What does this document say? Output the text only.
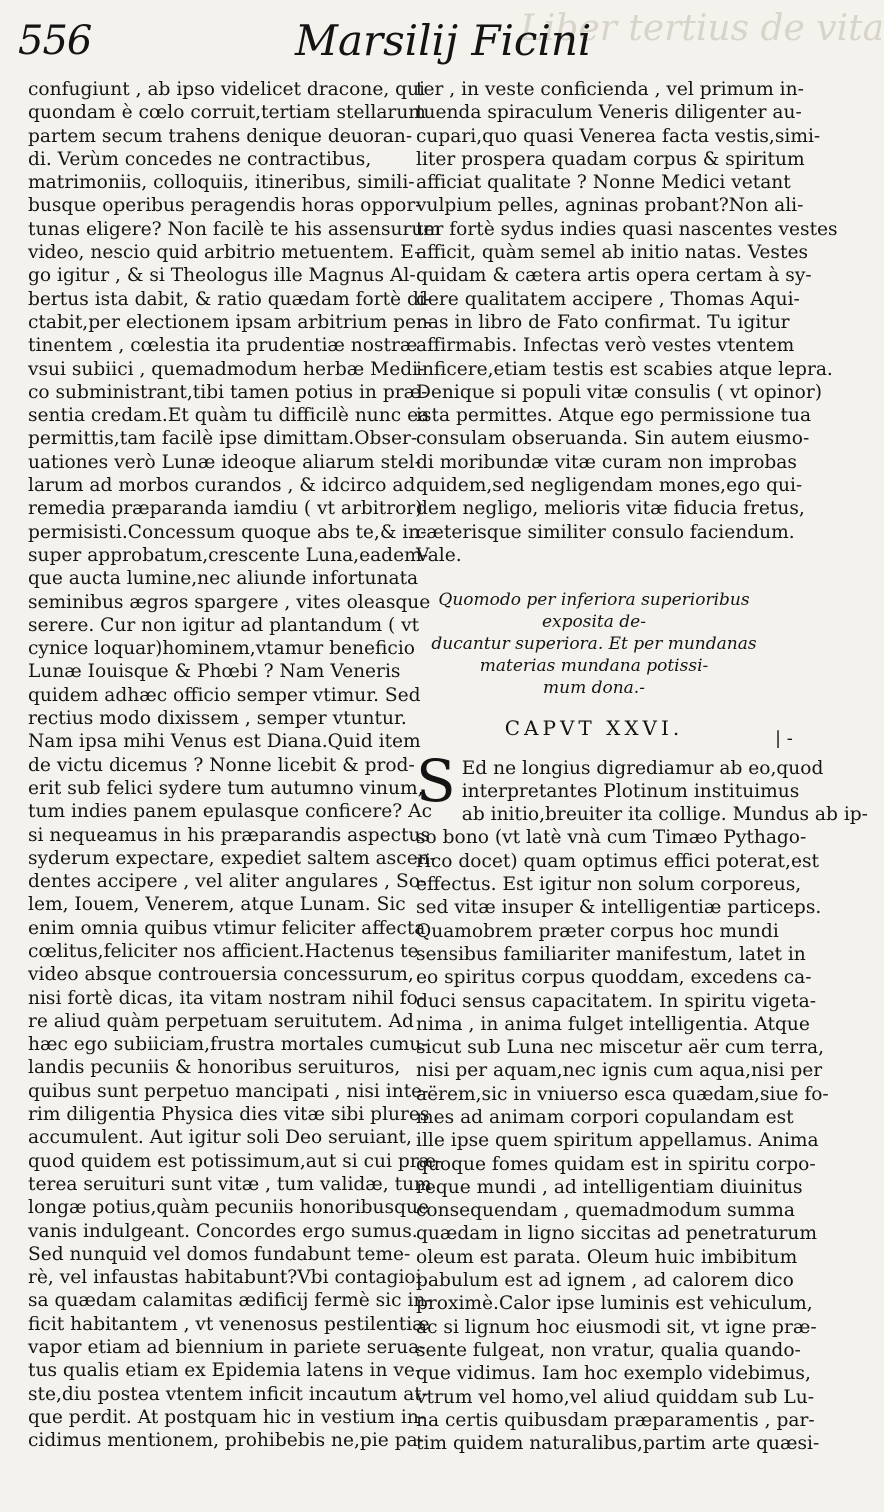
Liber tertius de vita
556	Marsilij Ficini
confugiunt , ab ipso videlicet dracone, qui
quondam è cœlo corruit,tertiam stellarum
partem secum trahens denique deuoran-
di. Verùm concedes ne contractibus,
matrimoniis, colloquiis, itineribus, simili-
busque operibus peragendis horas oppor-
tunas eligere? Non facilè te his assensurum
video, nescio quid arbitrio metuentem. E-
go igitur , & si Theologus ille Magnus Al-
bertus ista dabit, & ratio quædam fortè di-
ctabit,per electionem ipsam arbitrium per-
tinentem , cœlestia ita prudentiæ nostræ
vsui subiici , quemadmodum herbæ Medi-
co subministrant,tibi tamen potius in præ-
sentia credam.Et quàm tu difficilè nunc ea
permittis,tam facilè ipse dimittam.Obser-
uationes verò Lunæ ideoque aliarum stel-
larum ad morbos curandos , & idcirco ad
remedia præparanda iamdiu ( vt arbitror)
permisisti.Concessum quoque abs te,& in-
super approbatum,crescente Luna,eadem-
que aucta lumine,nec aliunde infortunata
seminibus ægros spargere , vites oleasque
serere. Cur non igitur ad plantandum ( vt
cynice loquar)hominem,vtamur beneficio
Lunæ Iouisque & Phœbi ? Nam Veneris
quidem adhæc officio semper vtimur. Sed
rectius modo dixissem , semper vtuntur.
Nam ipsa mihi Venus est Diana.Quid item
de victu dicemus ? Nonne licebit & prod-
erit sub felici sydere tum autumno vinum,
tum indies panem epulasque conficere? Ac
si nequeamus in his præparandis aspectus
syderum expectare, expediet saltem ascen-
dentes accipere , vel aliter angulares , So-
lem, Iouem, Venerem, atque Lunam. Sic
enim omnia quibus vtimur feliciter affecta
cœlitus,feliciter nos afficient.Hactenus te
video absque controuersia concessurum,
nisi fortè dicas, ita vitam nostram nihil fo-
re aliud quàm perpetuam seruitutem. Ad
hæc ego subiiciam,frustra mortales cumu-
landis pecuniis & honoribus seruituros,
quibus sunt perpetuo mancipati , nisi inte-
rim diligentia Physica dies vitæ sibi plures
accumulent. Aut igitur soli Deo seruiant,
quod quidem est potissimum,aut si cui præ-
terea seruituri sunt vitæ , tum validæ, tum
longæ potius,quàm pecuniis honoribusque
vanis indulgeant. Concordes ergo sumus.
Sed nunquid vel domos fundabunt teme-
rè, vel infaustas habitabunt?Vbi contagioi
sa quædam calamitas ædificij fermè sic in-
ficit habitantem , vt venenosus pestilentiæ
vapor etiam ad biennium in pariete serua-
tus qualis etiam ex Epidemia latens in ve-
ste,diu postea vtentem inficit incautum at-
que perdit. At postquam hic in vestium in-
cidimus mentionem, prohibebis ne,pie pa-
ter , in veste conficienda , vel primum in-
tuenda spiraculum Veneris diligenter au-
cupari,quo quasi Venerea facta vestis,simi-
liter prospera quadam corpus & spiritum
afficiat qualitate ? Nonne Medici vetant
vulpium pelles, agninas probant?Non ali-
ter fortè sydus indies quasi nascentes vestes
afficit, quàm semel ab initio natas. Vestes
quidam & cætera artis opera certam à sy-
dere qualitatem accipere , Thomas Aqui-
nas in libro de Fato confirmat. Tu igitur
affirmabis. Infectas verò vestes vtentem
inficere,etiam testis est scabies atque lepra.
Denique si populi vitæ consulis ( vt opinor)
ista permittes. Atque ego permissione tua
consulam obseruanda. Sin autem eiusmo-
di moribundæ vitæ curam non improbas
quidem,sed negligendam mones,ego qui-
dem negligo, melioris vitæ fiducia fretus,
cæterisque similiter consulo faciendum.
Vale.
Quomodo per inferiora superioribus exposita de-
ducantur superiora. Et per mundanas
materias mundana potissi-
mum dona.-
CAPVT XXVI.
S Ed ne longius digrediamur ab eo,quod
interpretantes Plotinum instituimus
ab initio,breuiter ita collige. Mundus ab ip-
so bono (vt latè vnà cum Timæo Pythago-
rico docet) quam optimus effici poterat,est
effectus. Est igitur non solum corporeus,
sed vitæ insuper & intelligentiæ particeps.
Quamobrem præter corpus hoc mundi
sensibus familiariter manifestum, latet in
eo spiritus corpus quoddam, excedens ca-
duci sensus capacitatem. In spiritu vigeta-
nima , in anima fulget intelligentia. Atque
sicut sub Luna nec miscetur aër cum terra,
nisi per aquam,nec ignis cum aqua,nisi per
aërem,sic in vniuerso esca quædam,siue fo-
mes ad animam corpori copulandam est
ille ipse quem spiritum appellamus. Anima
quoque fomes quidam est in spiritu corpo-
reque mundi , ad intelligentiam diuinitus
consequendam , quemadmodum summa
quædam in ligno siccitas ad penetraturum
oleum est parata. Oleum huic imbibitum
pabulum est ad ignem , ad calorem dico
proximè.Calor ipse luminis est vehiculum,
ac si lignum hoc eiusmodi sit, vt igne præ-
sente fulgeat, non vratur, qualia quando-
que vidimus. Iam hoc exemplo videbimus,
vtrum vel homo,vel aliud quiddam sub Lu-
na certis quibusdam præparamentis , par-
tim quidem naturalibus,partim arte quæsi-
| -
